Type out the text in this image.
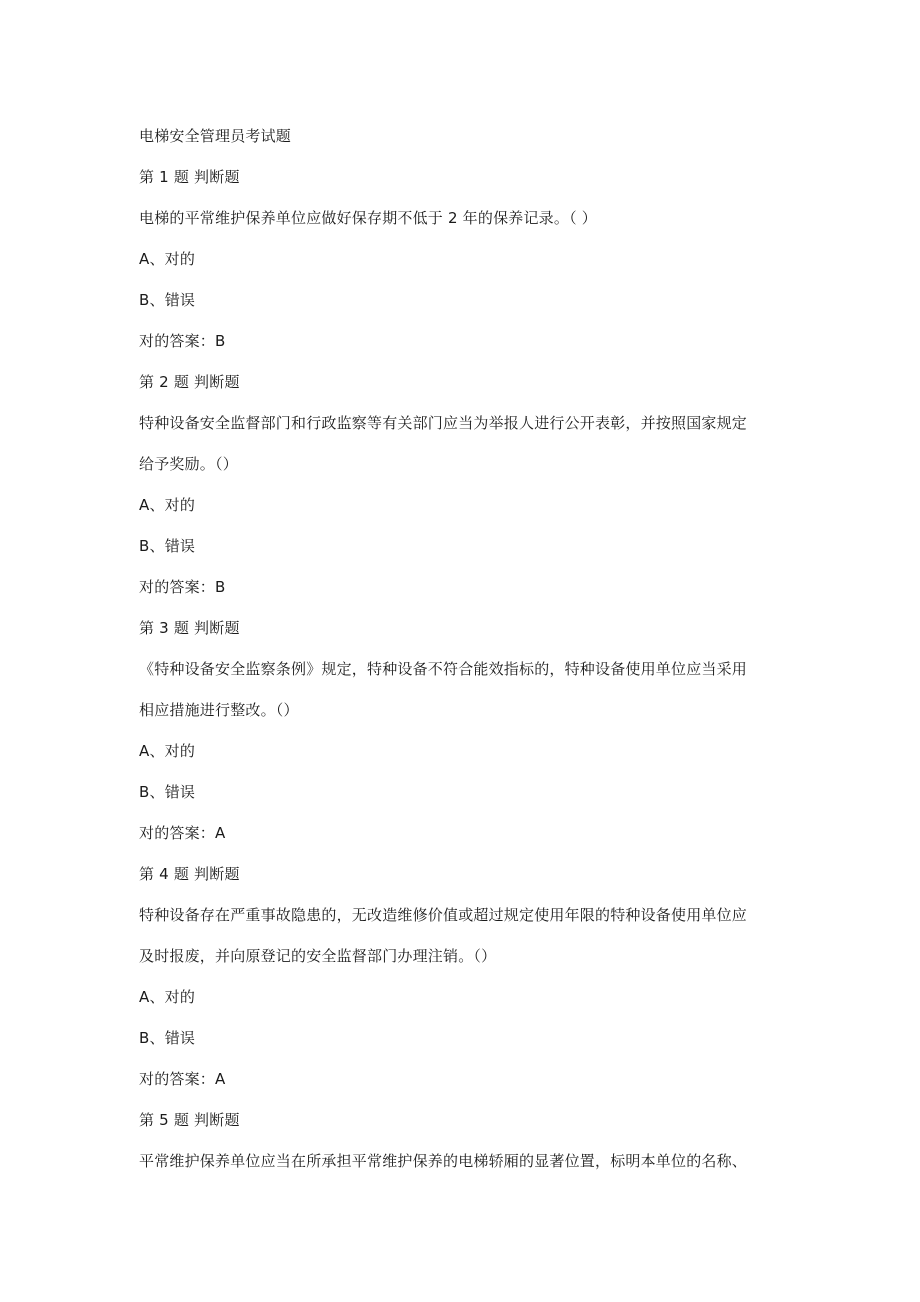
电梯安全管理员考试题
第 1 题 判断题
电梯的平常维护保养单位应做好保存期不低于 2 年的保养记录。（ ）
A、对的
B、错误
对的答案：B
第 2 题 判断题
特种设备安全监督部门和行政监察等有关部门应当为举报人进行公开表彰，并按照国家规定
给予奖励。（）
A、对的
B、错误
对的答案：B
第 3 题 判断题
《特种设备安全监察条例》规定，特种设备不符合能效指标的，特种设备使用单位应当采用
相应措施进行整改。（）
A、对的
B、错误
对的答案：A
第 4 题 判断题
特种设备存在严重事故隐患的，无改造维修价值或超过规定使用年限的特种设备使用单位应
及时报废，并向原登记的安全监督部门办理注销。（）
A、对的
B、错误
对的答案：A
第 5 题 判断题
平常维护保养单位应当在所承担平常维护保养的电梯轿厢的显著位置，标明本单位的名称、
